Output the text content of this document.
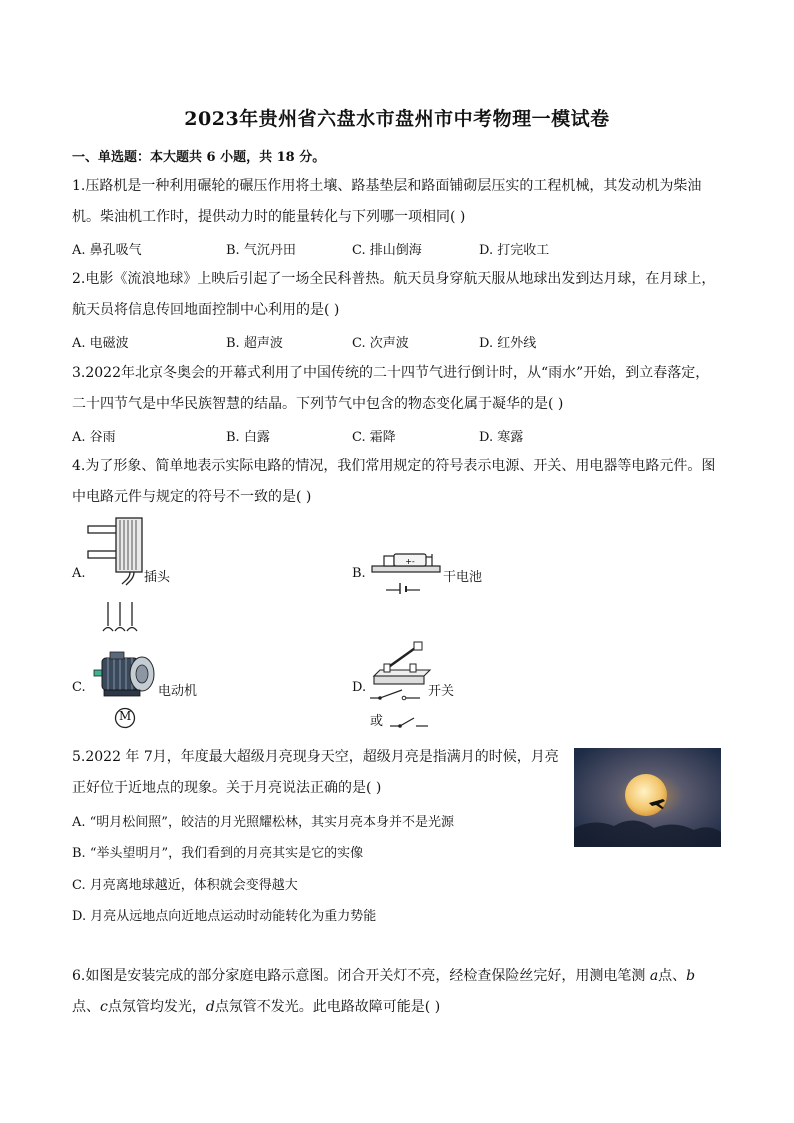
2023年贵州省六盘水市盘州市中考物理一模试卷
一、单选题：本大题共 6 小题，共 18 分。
1.压路机是一种利用碾轮的碾压作用将土壤、路基垫层和路面铺砌层压实的工程机械，其发动机为柴油
机。柴油机工作时，提供动力时的能量转化与下列哪一项相同( )
A. 鼻孔吸气	B. 气沉丹田	C. 排山倒海	D. 打完收工
2.电影《流浪地球》上映后引起了一场全民科普热。航天员身穿航天服从地球出发到达月球，在月球上，
航天员将信息传回地面控制中心利用的是( )
A. 电磁波	B. 超声波	C. 次声波	D. 红外线
3.2022年北京冬奥会的开幕式利用了中国传统的二十四节气进行倒计时，从“雨水”开始，到立春落定，
二十四节气是中华民族智慧的结晶。下列节气中包含的物态变化属于凝华的是( )
A. 谷雨	B. 白露	C. 霜降	D. 寒露
4.为了形象、简单地表示实际电路的情况，我们常用规定的符号表示电源、开关、用电器等电路元件。图
中电路元件与规定的符号不一致的是( )
A.	插头	B.
+-
干电池
C.	电动机
M
D.	开关
或
5.2022 年 7月，年度最大超级月亮现身天空，超级月亮是指满月的时候，月亮
正好位于近地点的现象。关于月亮说法正确的是( )
A. “明月松间照”，皎洁的月光照耀松林，其实月亮本身并不是光源
B. “举头望明月”，我们看到的月亮其实是它的实像
C. 月亮离地球越近，体积就会变得越大
D. 月亮从远地点向近地点运动时动能转化为重力势能
6.如图是安装完成的部分家庭电路示意图。闭合开关灯不亮，经检查保险丝完好，用测电笔测 a点、b
点、c点氖管均发光，d点氖管不发光。此电路故障可能是( )
